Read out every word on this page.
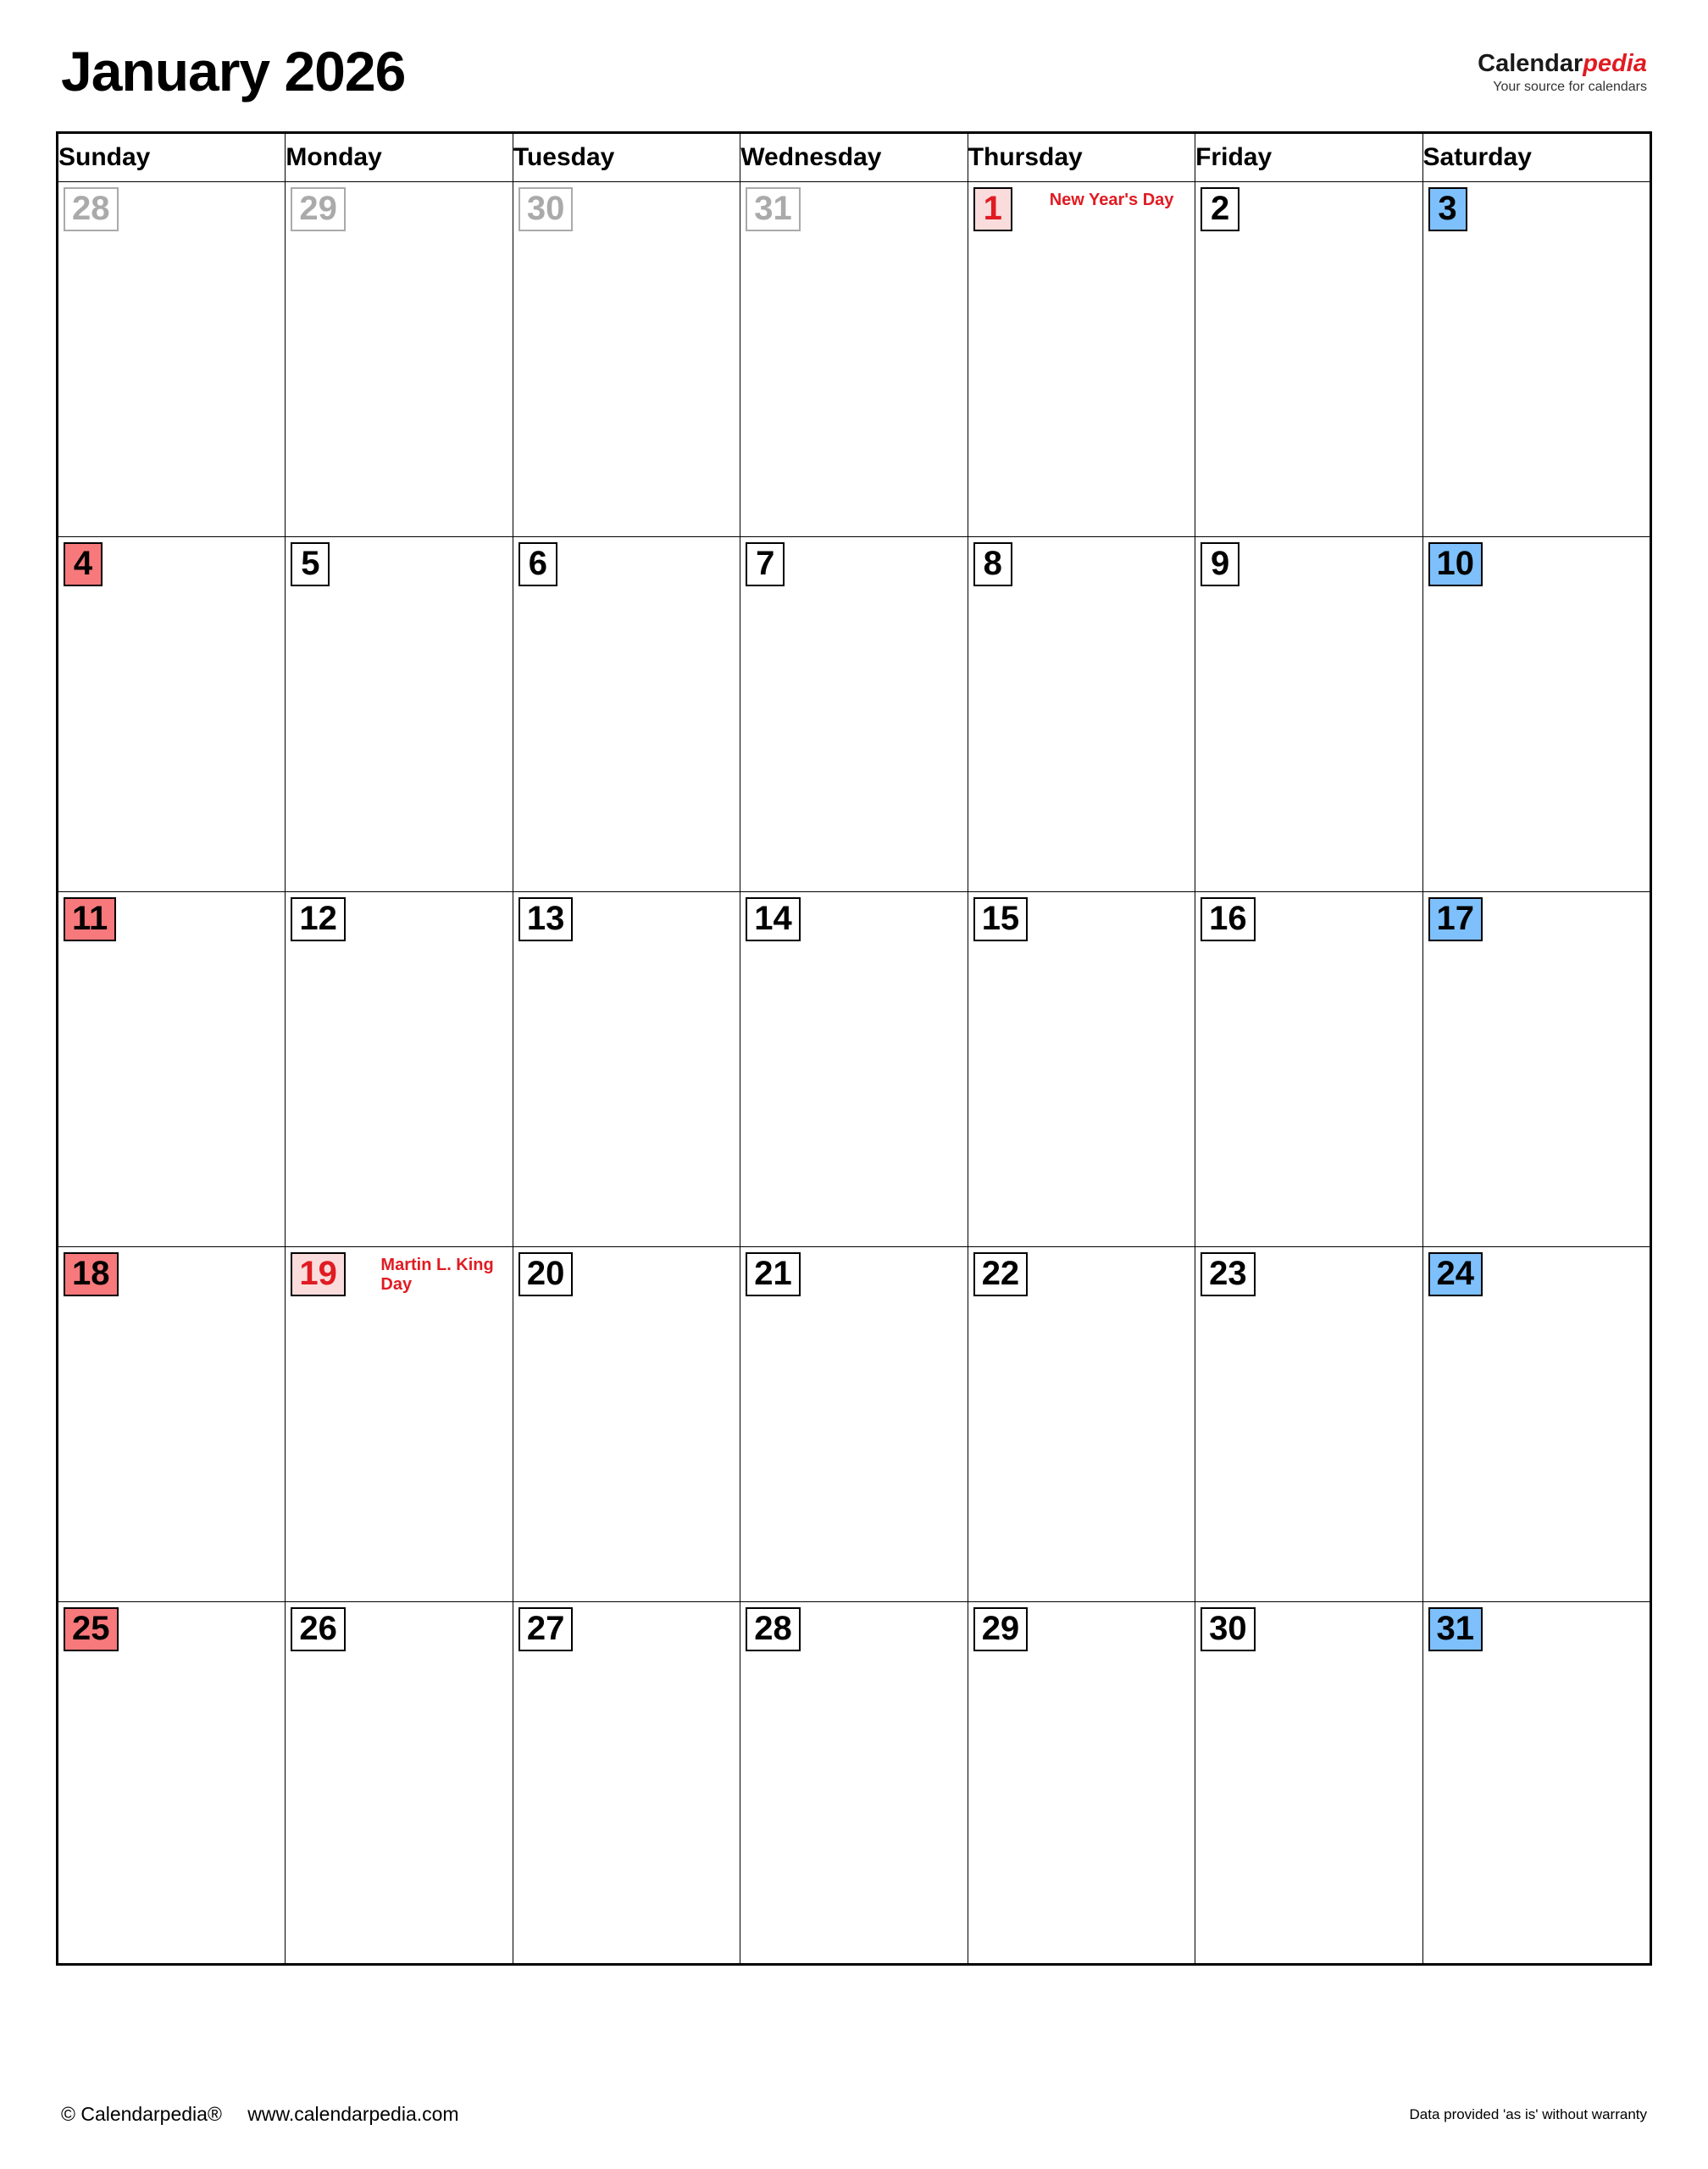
January 2026	Calendarpedia
Your source for calendars
Sunday	Monday	Tuesday	Wednesday	Thursday	Friday	Saturday

28	29	30	31	1 New Year's Day	2	3

4	5	6	7	8	9	10

11	12	13	14	15	16	17

18	19 Martin L. King Day	20	21	22	23	24

25	26	27	28	29	30	31
© Calendarpedia® www.calendarpedia.com	Data provided 'as is' without warranty
